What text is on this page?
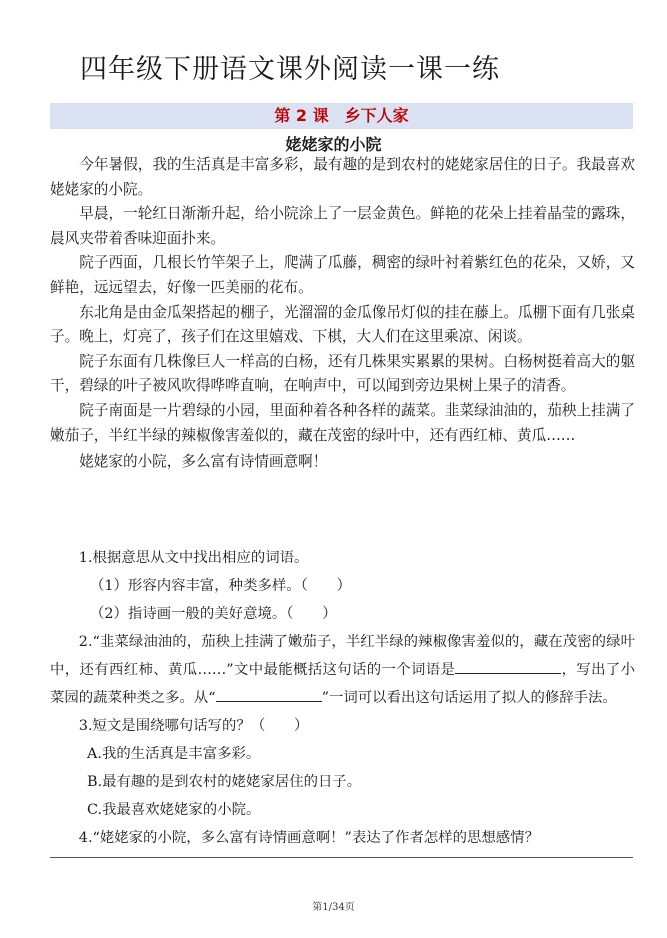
四年级下册语文课外阅读一课一练
第 2 课　乡下人家
姥姥家的小院

今年暑假，我的生活真是丰富多彩，最有趣的是到农村的姥姥家居住的日子。我最喜欢姥姥家的小院。

早晨，一轮红日渐渐升起，给小院涂上了一层金黄色。鲜艳的花朵上挂着晶莹的露珠，晨风夹带着香味迎面扑来。

院子西面，几根长竹竿架子上，爬满了瓜藤，稠密的绿叶衬着紫红色的花朵，又娇，又鲜艳，远远望去，好像一匹美丽的花布。

东北角是由金瓜架搭起的棚子，光溜溜的金瓜像吊灯似的挂在藤上。瓜棚下面有几张桌子。晚上，灯亮了，孩子们在这里嬉戏、下棋，大人们在这里乘凉、闲谈。

院子东面有几株像巨人一样高的白杨，还有几株果实累累的果树。白杨树挺着高大的躯干，碧绿的叶子被风吹得哗哗直响，在响声中，可以闻到旁边果树上果子的清香。

院子南面是一片碧绿的小园，里面种着各种各样的蔬菜。韭菜绿油油的，茄秧上挂满了嫩茄子，半红半绿的辣椒像害羞似的，藏在茂密的绿叶中，还有西红柿、黄瓜……

姥姥家的小院，多么富有诗情画意啊！

1.根据意思从文中找出相应的词语。

（1）形容内容丰富，种类多样。（　　）

（2）指诗画一般的美好意境。（　　）

2.“韭菜绿油油的，茄秧上挂满了嫩茄子，半红半绿的辣椒像害羞似的，藏在茂密的绿叶中，还有西红柿、黄瓜……”文中最能概括这句话的一个词语是	，写出了小菜园的蔬菜种类之多。从“	”一词可以看出这句话运用了拟人的修辞手法。

3.短文是围绕哪句话写的？（　　）

A.我的生活真是丰富多彩。

B.最有趣的是到农村的姥姥家居住的日子。

C.我最喜欢姥姥家的小院。

4.“姥姥家的小院，多么富有诗情画意啊！”表达了作者怎样的思想感情？

第1/34页
